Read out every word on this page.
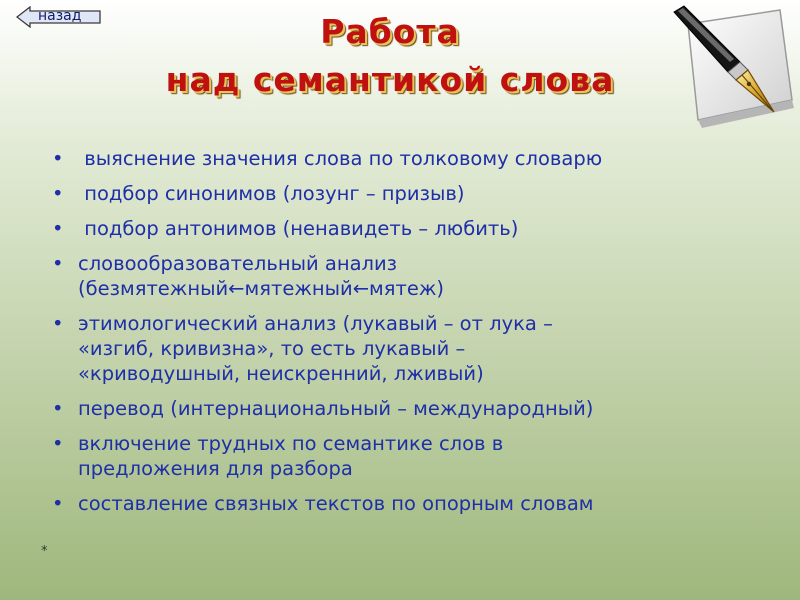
назад	Работа
над семантикой слова
• выяснение значения слова по толковому словарю
• подбор синонимов (лозунг – призыв)
• подбор антонимов (ненавидеть – любить)
• словообразовательный анализ
(безмятежный←мятежный←мятеж)
• этимологический анализ (лукавый – от лука –
«изгиб, кривизна», то есть лукавый –
«криводушный, неискренний, лживый)
• перевод (интернациональный – международный)
• включение трудных по семантике слов в
предложения для разбора
• составление связных текстов по опорным словам
*
